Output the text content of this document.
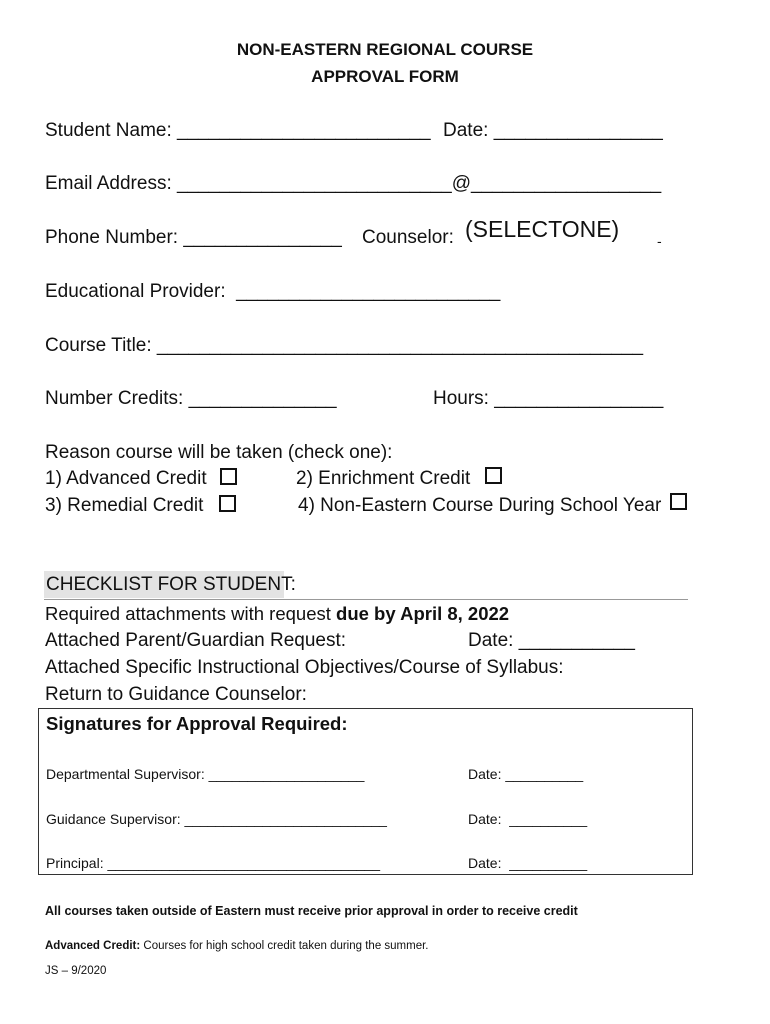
NON-EASTERN REGIONAL COURSE
APPROVAL FORM
Student Name: ________________________ Date: ________________
Email Address: __________________________@__________________
Phone Number: _______________ Counselor: (SELECTONE)	-
Educational Provider:  _________________________
Course Title: ______________________________________________
Number Credits: ______________	Hours: ________________
Reason course will be taken (check one):
1) Advanced Credit	2) Enrichment Credit
3) Remedial Credit	4) Non-Eastern Course During School Year
CHECKLIST FOR STUDENT:
Required attachments with request due by April 8, 2022
Attached Parent/Guardian Request:	Date: ___________
Attached Specific Instructional Objectives/Course of Syllabus:
Return to Guidance Counselor:
Signatures for Approval Required:
Departmental Supervisor: ____________________	Date: __________
Guidance Supervisor: __________________________	Date:  __________
Principal: ___________________________________	Date:  __________
All courses taken outside of Eastern must receive prior approval in order to receive credit
Advanced Credit: Courses for high school credit taken during the summer.
JS – 9/2020
